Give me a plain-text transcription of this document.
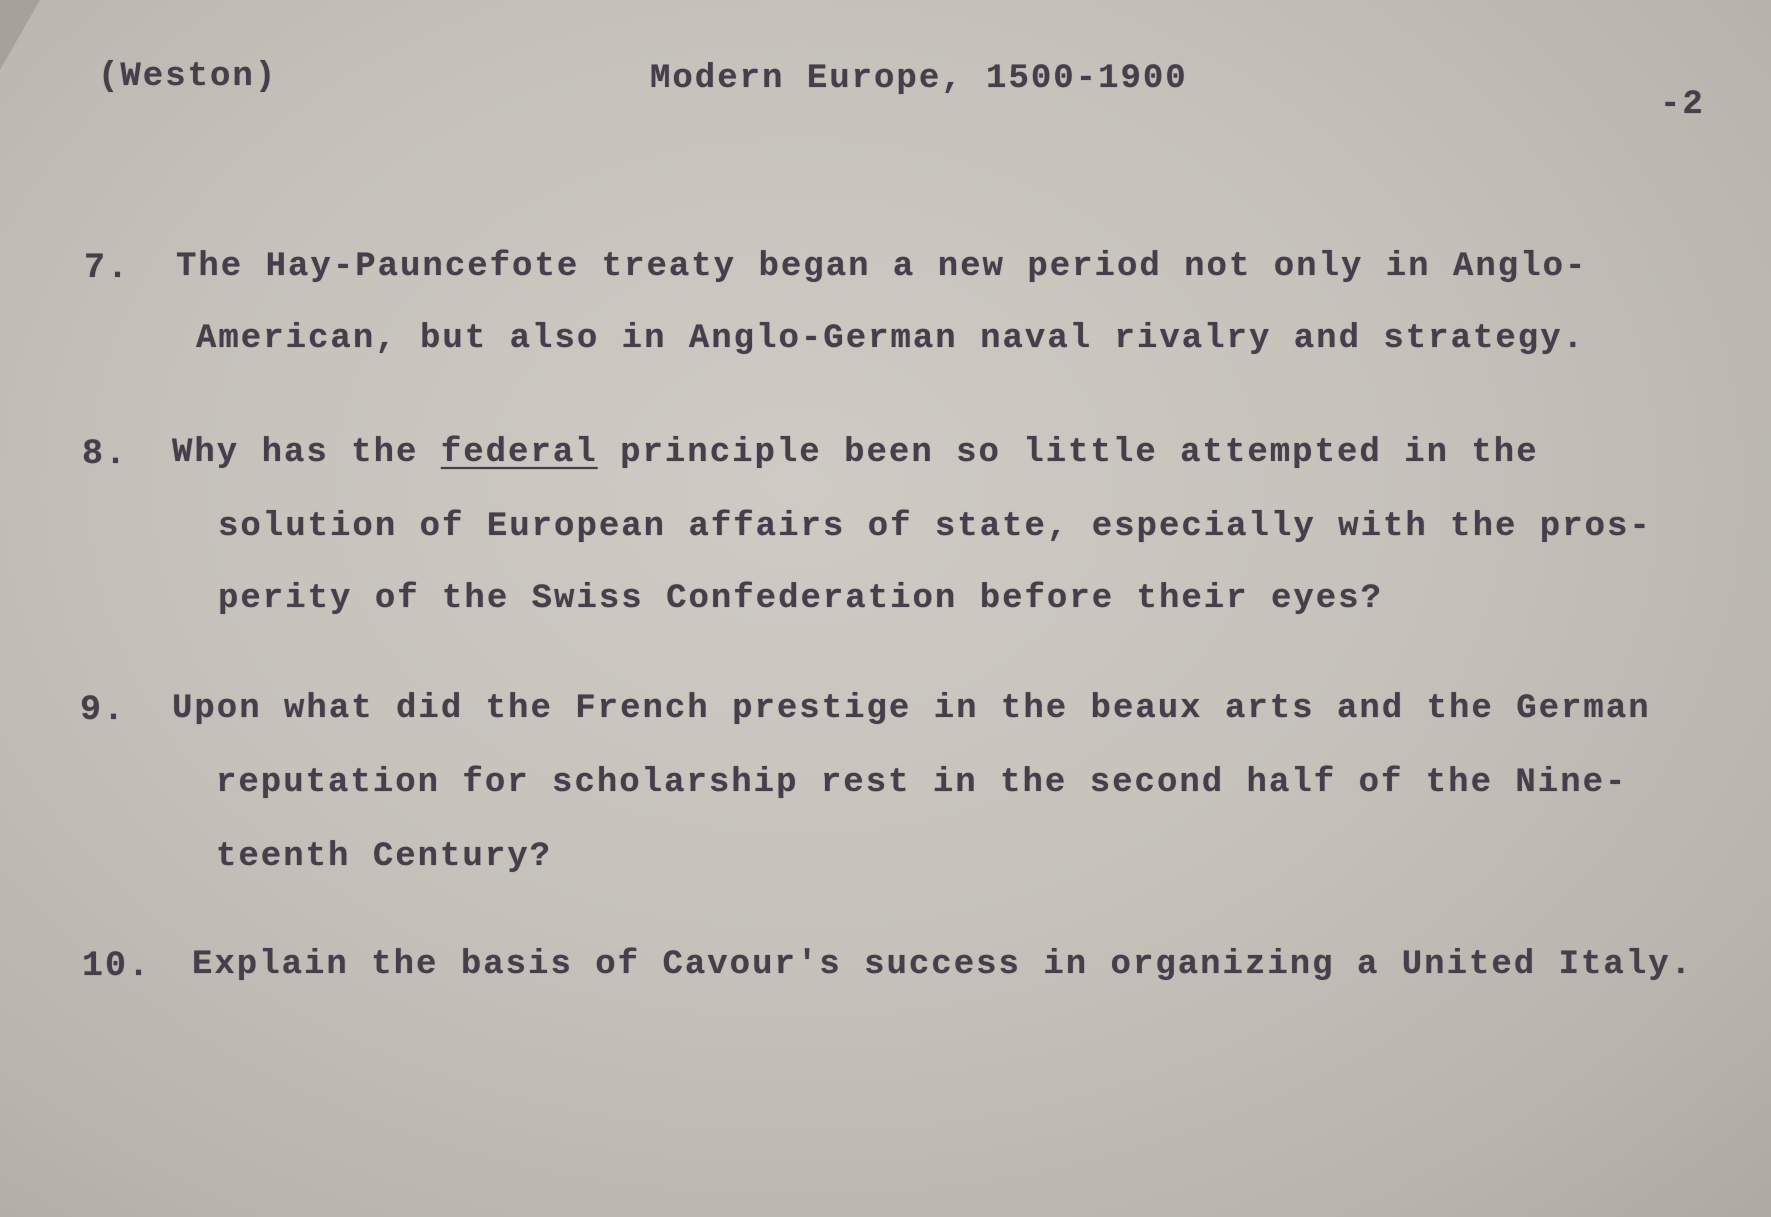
(Weston)	Modern Europe, 1500-1900
-2
7. The Hay-Pauncefote treaty began a new period not only in Anglo-
American, but also in Anglo-German naval rivalry and strategy.
8. Why has the federal principle been so little attempted in the
solution of European affairs of state, especially with the pros-
perity of the Swiss Confederation before their eyes?
9. Upon what did the French prestige in the beaux arts and the German
reputation for scholarship rest in the second half of the Nine-
teenth Century?
10. Explain the basis of Cavour's success in organizing a United Italy.
